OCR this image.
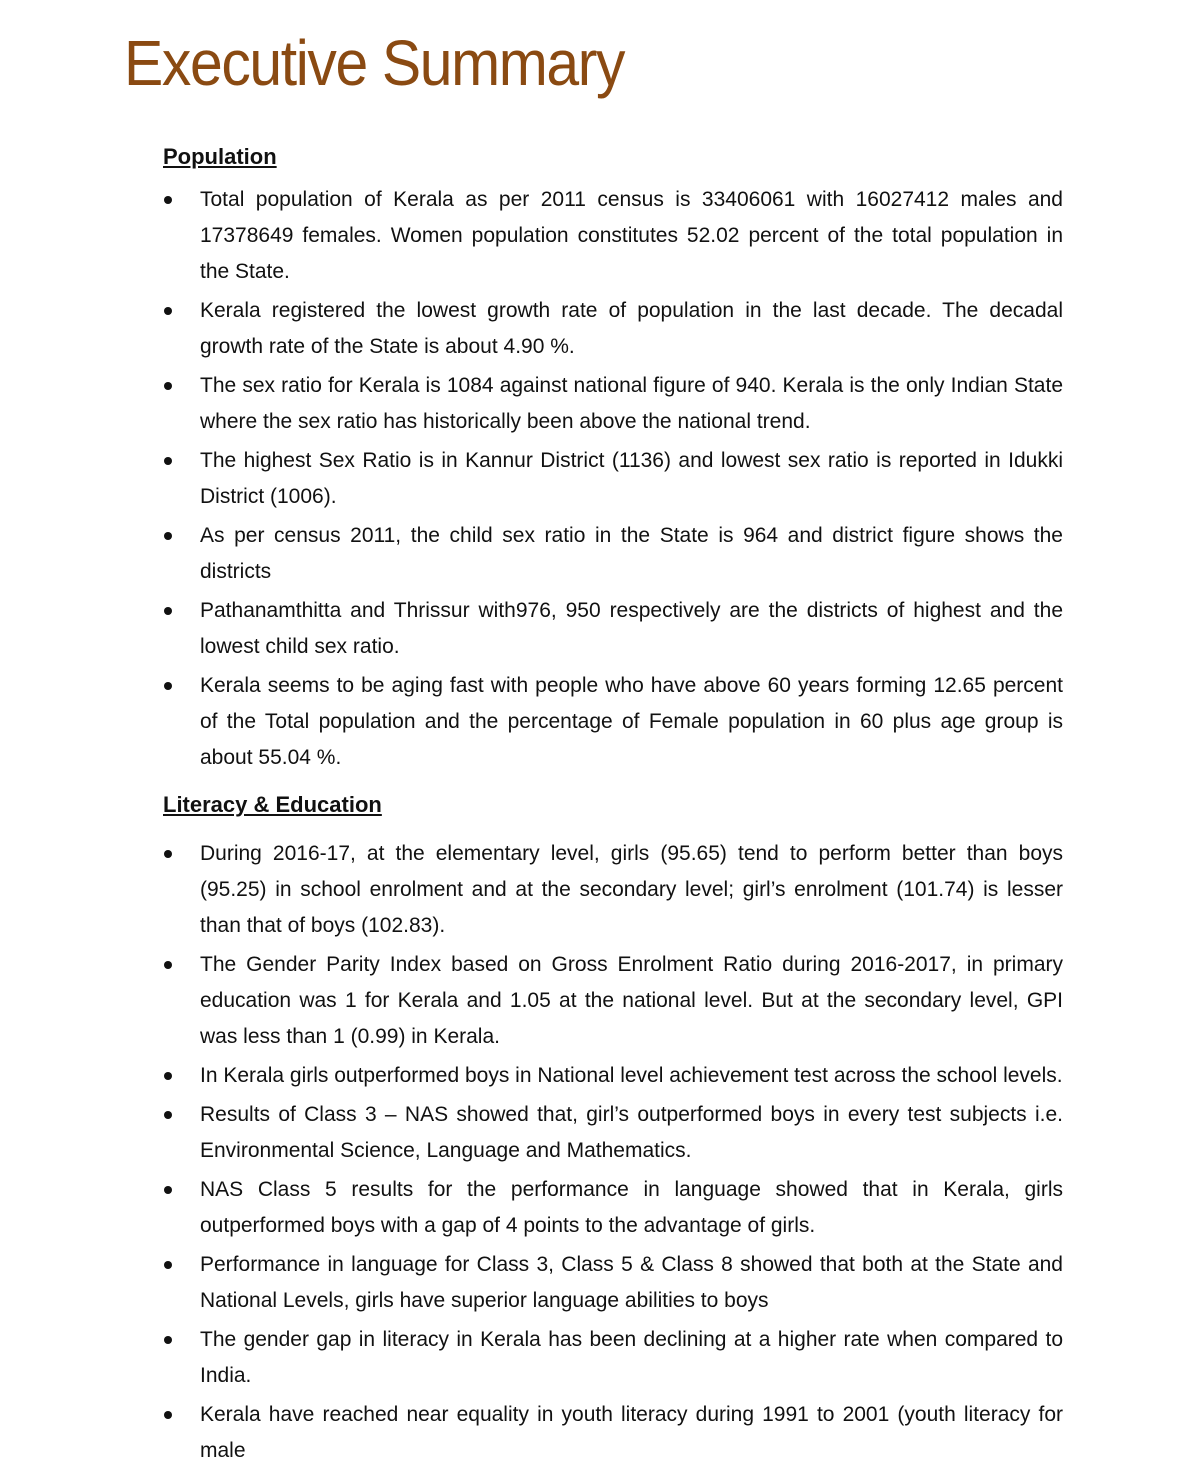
Executive Summary
Population
Total population of Kerala as per 2011 census is 33406061 with 16027412 males and 17378649 females. Women population constitutes 52.02 percent of the total population in the State.
Kerala registered the lowest growth rate of population in the last decade. The decadal growth rate of the State is about 4.90 %.
The sex ratio for Kerala is 1084 against national figure of 940. Kerala is the only Indian State where the sex ratio has historically been above the national trend.
The highest Sex Ratio is in Kannur District (1136) and lowest sex ratio is reported in Idukki District (1006).
As per census 2011, the child sex ratio in the State is 964 and district figure shows the districts
Pathanamthitta and Thrissur with976, 950 respectively are the districts of highest and the lowest child sex ratio.
Kerala seems to be aging fast with people who have above 60 years forming 12.65 percent of the Total population and the percentage of Female population in 60 plus age group is about 55.04 %.
Literacy & Education
During 2016-17, at the elementary level, girls (95.65) tend to perform better than boys (95.25) in school enrolment and at the secondary level; girl’s enrolment (101.74) is lesser than that of boys (102.83).
The Gender Parity Index based on Gross Enrolment Ratio during 2016-2017, in primary education was 1 for Kerala and 1.05 at the national level. But at the secondary level, GPI was less than 1 (0.99) in Kerala.
In Kerala girls outperformed boys in National level achievement test across the school levels.
Results of Class 3 – NAS showed that, girl’s outperformed boys in every test subjects i.e. Environmental Science, Language and Mathematics.
NAS Class 5 results for the performance in language showed that in Kerala, girls outperformed boys with a gap of 4 points to the advantage of girls.
Performance in language for Class 3, Class 5 & Class 8 showed that both at the State and National Levels, girls have superior language abilities to boys
The gender gap in literacy in Kerala has been declining at a higher rate when compared to India.
Kerala have reached near equality in youth literacy during 1991 to 2001 (youth literacy for male
